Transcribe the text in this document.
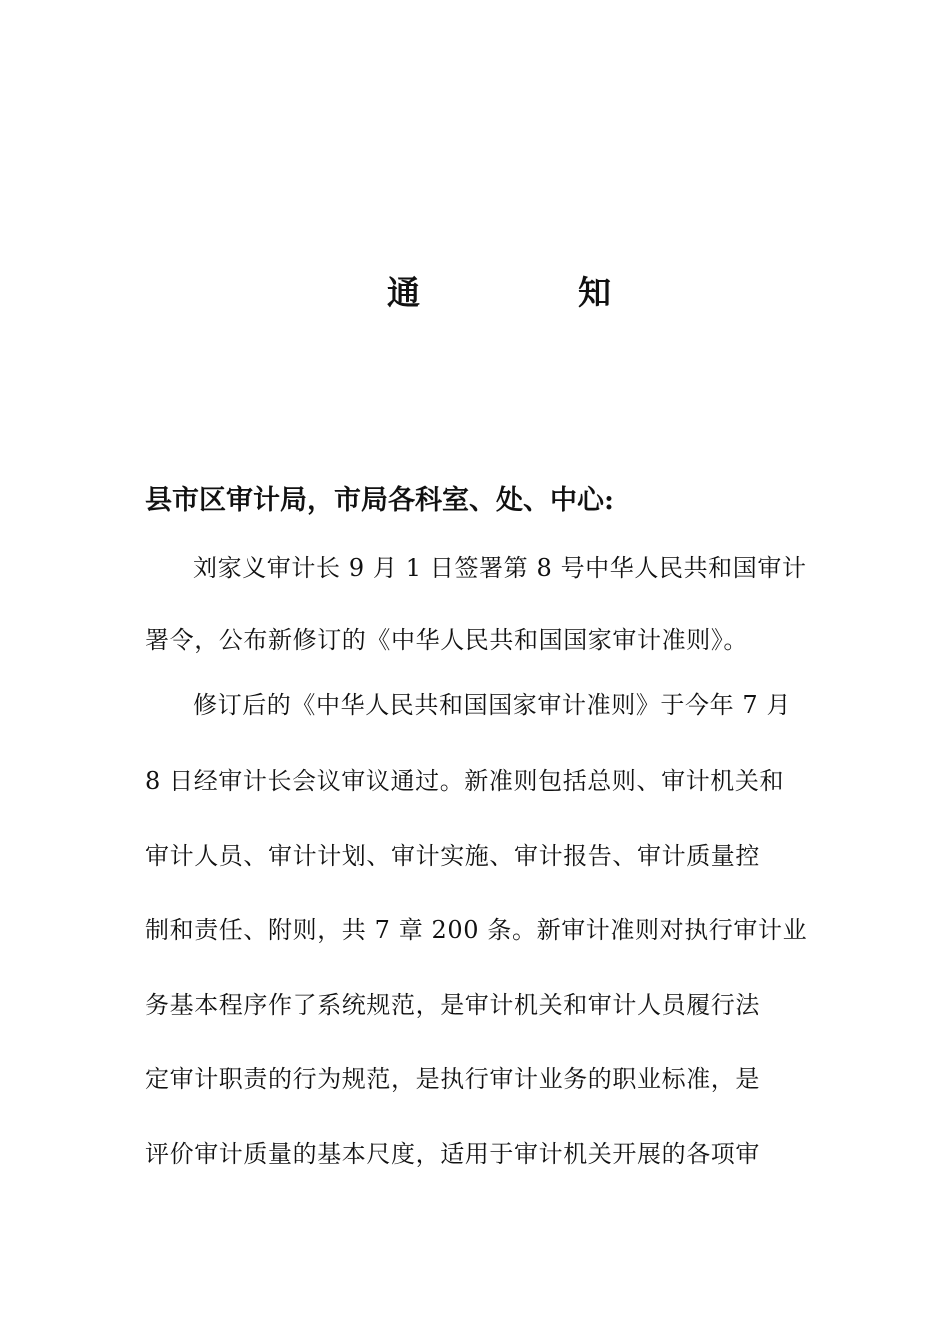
通	知
县市区审计局，市局各科室、处、中心:
刘家义审计长 9 月 1 日签署第 8 号中华人民共和国审计
署令，公布新修订的《中华人民共和国国家审计准则》。
修订后的《中华人民共和国国家审计准则》于今年 7 月
8 日经审计长会议审议通过。新准则包括总则、审计机关和
审计人员、审计计划、审计实施、审计报告、审计质量控
制和责任、附则，共 7 章 200 条。新审计准则对执行审计业
务基本程序作了系统规范，是审计机关和审计人员履行法
定审计职责的行为规范，是执行审计业务的职业标准，是
评价审计质量的基本尺度，适用于审计机关开展的各项审
